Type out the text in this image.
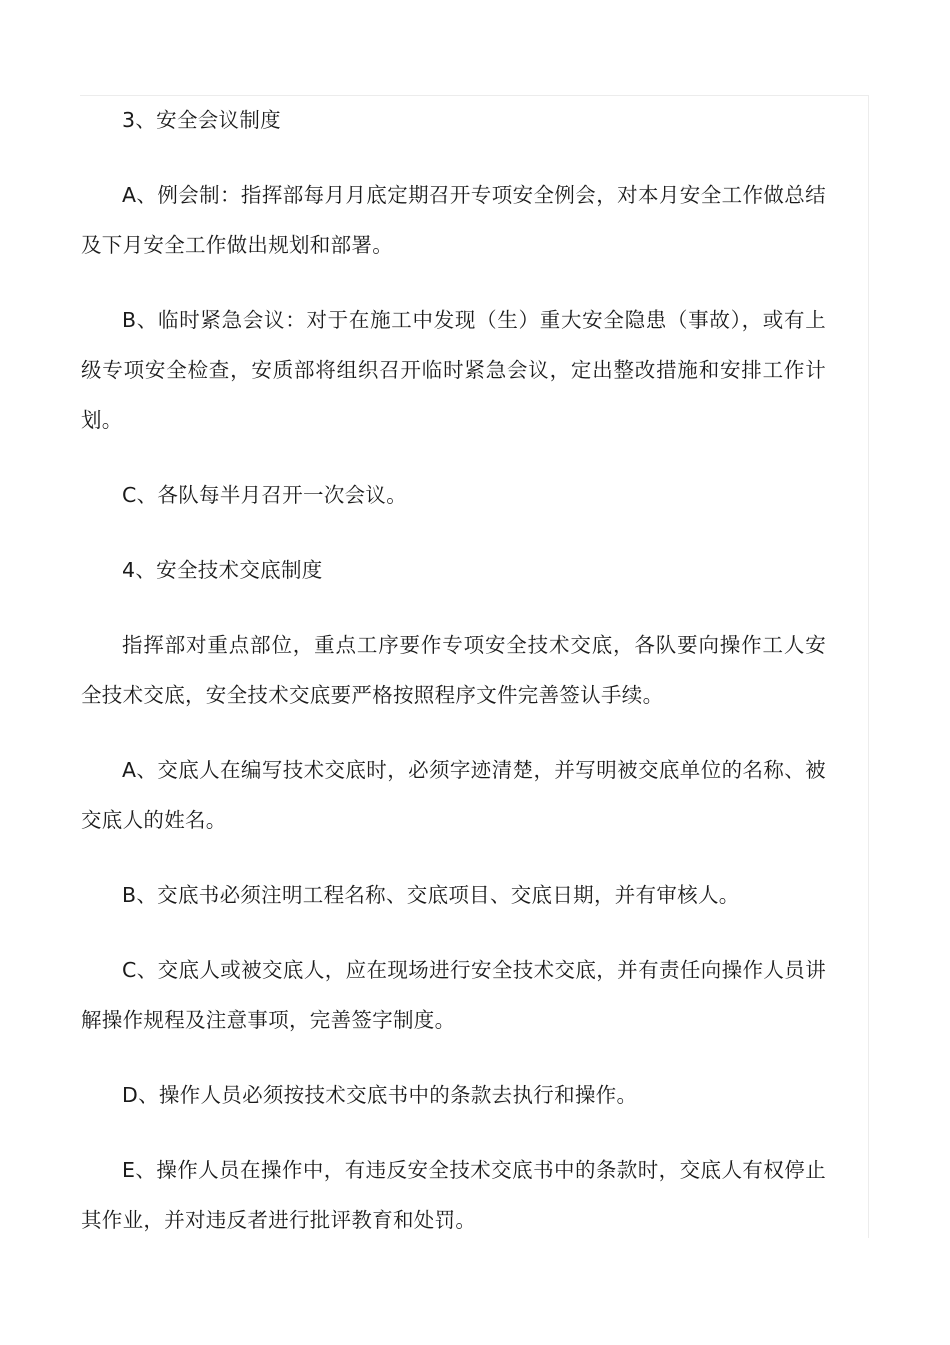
3、安全会议制度

A、例会制：指挥部每月月底定期召开专项安全例会，对本月安全工作做总结及下月安全工作做出规划和部署。

B、临时紧急会议：对于在施工中发现（生）重大安全隐患（事故），或有上级专项安全检查，安质部将组织召开临时紧急会议，定出整改措施和安排工作计划。

C、各队每半月召开一次会议。

4、安全技术交底制度

指挥部对重点部位，重点工序要作专项安全技术交底，各队要向操作工人安全技术交底，安全技术交底要严格按照程序文件完善签认手续。

A、交底人在编写技术交底时，必须字迹清楚，并写明被交底单位的名称、被交底人的姓名。

B、交底书必须注明工程名称、交底项目、交底日期，并有审核人。

C、交底人或被交底人，应在现场进行安全技术交底，并有责任向操作人员讲解操作规程及注意事项，完善签字制度。

D、操作人员必须按技术交底书中的条款去执行和操作。

E、操作人员在操作中，有违反安全技术交底书中的条款时，交底人有权停止其作业，并对违反者进行批评教育和处罚。
